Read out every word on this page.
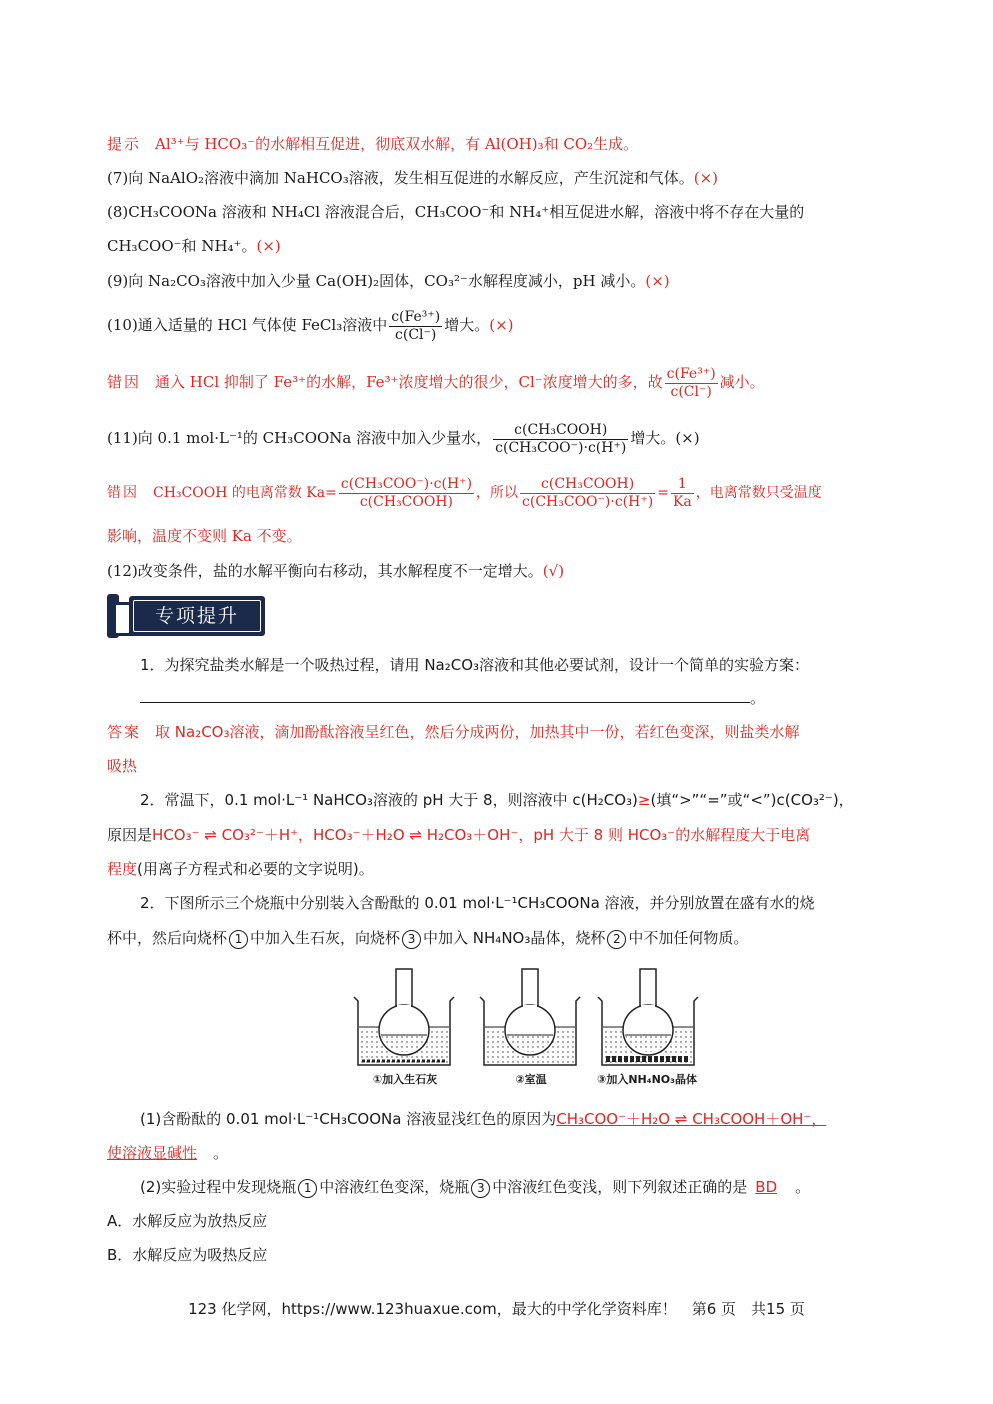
提示 Al³⁺与 HCO₃⁻的水解相互促进，彻底双水解，有 Al(OH)₃和 CO₂生成。
(7)向 NaAlO₂溶液中滴加 NaHCO₃溶液，发生相互促进的水解反应，产生沉淀和气体。(×)
(8)CH₃COONa 溶液和 NH₄Cl 溶液混合后，CH₃COO⁻和 NH₄⁺相互促进水解，溶液中将不存在大量的
CH₃COO⁻和 NH₄⁺。(×)
(9)向 Na₂CO₃溶液中加入少量 Ca(OH)₂固体，CO₃²⁻水解程度减小，pH 减小。(×)
(10)通入适量的 HCl 气体使 FeCl₃溶液中 $\frac{\text{c(Fe³⁺)}}{c(Cl^-)}$ 增大。(×)
错因 通入 HCl 抑制了 Fe³⁺的水解，Fe³⁺浓度增大的很少，Cl⁻浓度增大的多，故 $\frac{\text{c(Fe³⁺)}}{c(Cl^-)}$ 减小。
(11)向 0.1 mol·L⁻¹的 CH₃COONa 溶液中加入少量水， $\frac{\text{c(CH₃COOH)}}{\text{c(CH₃COO⁻)·c(H⁺)}}$ 增大。(×)
错因 CH₃COOH 的电离常数 $Ka= \frac{\text{c(CH₃COO⁻)·c(H⁺)}}{\text{c(CH₃COOH)}}$ ，所以 $\frac{\text{c(CH₃COOH)}}{\text{c(CH₃COO⁻)·c(H⁺)}} = \frac{1}{Ka}$ ，电离常数只受温度
影响，温度不变则 Ka 不变。
(12)改变条件，盐的水解平衡向右移动，其水解程度不一定增大。(√)
专项提升
1．为探究盐类水解是一个吸热过程，请用 Na₂CO₃溶液和其他必要试剂，设计一个简单的实验方案：
。
答案 取 Na₂CO₃溶液，滴加酚酞溶液呈红色，然后分成两份，加热其中一份，若红色变深，则盐类水解
吸热
2．常温下，0.1 mol·L⁻¹ NaHCO₃溶液的 pH 大于 8，则溶液中 c(H₂CO₃)≥(填“>”“=”或“<”)c(CO₃²⁻)，
原因是HCO₃⁻ ⇌ CO₃²⁻＋H⁺，HCO₃⁻＋H₂O ⇌ H₂CO₃＋OH⁻，pH 大于 8 则 HCO₃⁻的水解程度大于电离
程度(用离子方程式和必要的文字说明)。
2．下图所示三个烧瓶中分别装入含酚酞的 0.01 mol·L⁻¹CH₃COONa 溶液，并分别放置在盛有水的烧
杯中，然后向烧杯 1 中加入生石灰，向烧杯 3 中加入 NH₄NO₃晶体，烧杯 2 中不加任何物质。
①加入生石灰	②室温	③加入NH₄NO₃晶体
(1)含酚酞的 0.01 mol·L⁻¹CH₃COONa 溶液显浅红色的原因为CH₃COO⁻＋H₂O ⇌ CH₃COOH＋OH⁻，
使溶液显碱性 。
(2)实验过程中发现烧瓶 1 中溶液红色变深，烧瓶 3 中溶液红色变浅，则下列叙述正确的是 BD 。
A．水解反应为放热反应
B．水解反应为吸热反应
123 化学网，https://www.123huaxue.com，最大的中学化学资料库！　第6 页　共15 页
